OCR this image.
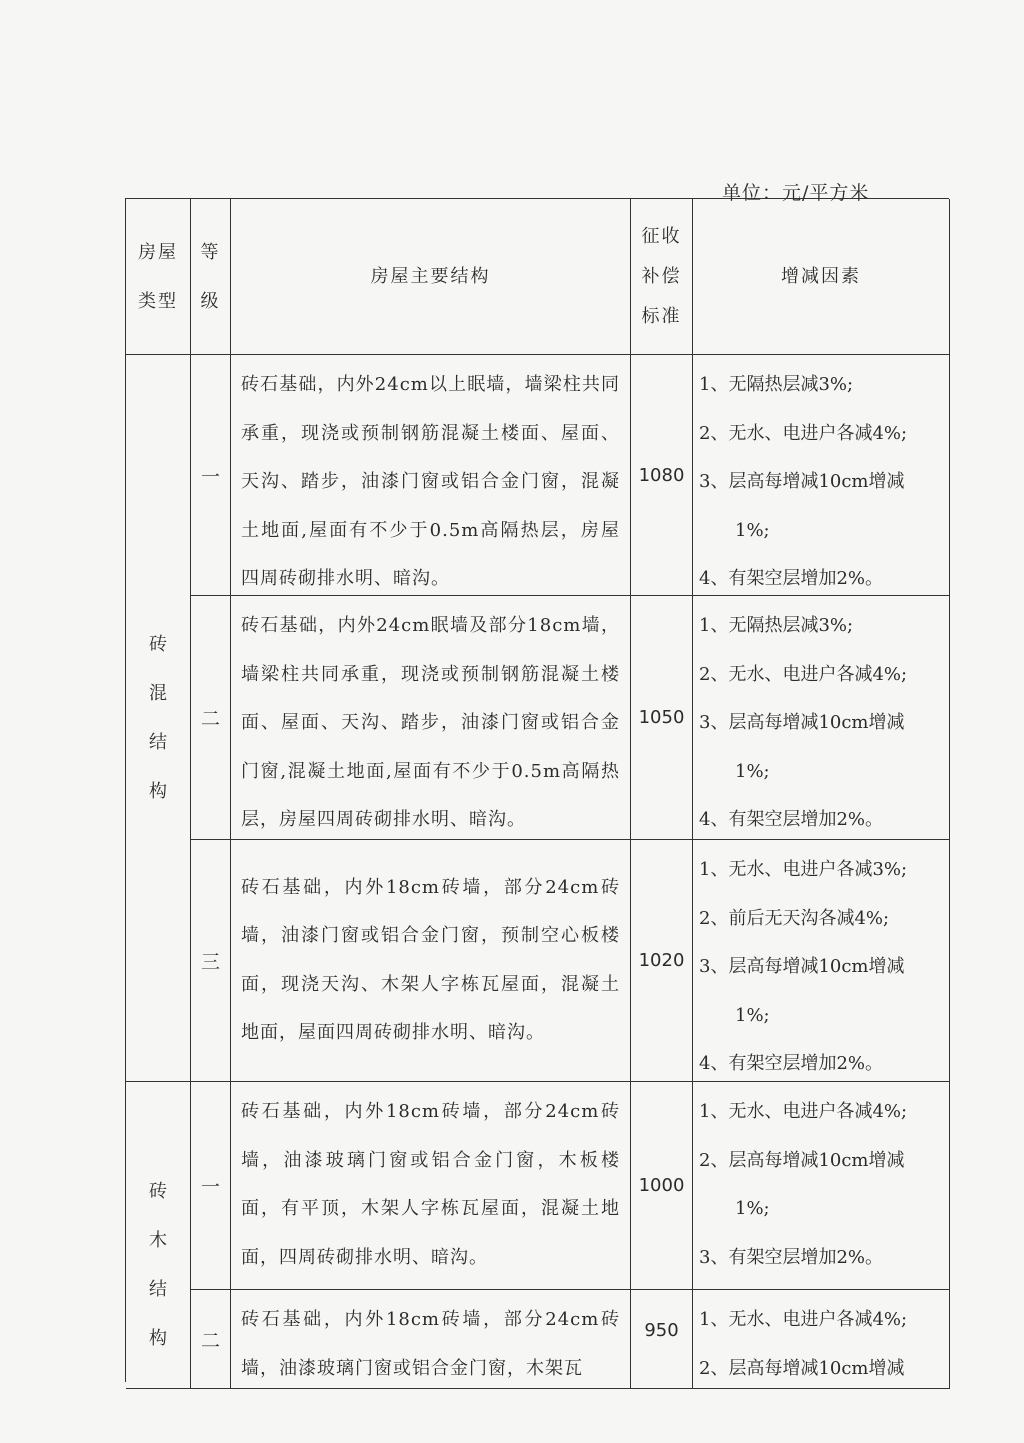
单位：元/平方米
房屋
类型
等
级
房屋主要结构
征收
补偿
标准
增减因素
砖
混
结
构
一
砖石基础，内外24cm以上眠墙，墙梁柱共同承重，现浇或预制钢筋混凝土楼面、屋面、天沟、踏步，油漆门窗或铝合金门窗，混凝土地面,屋面有不少于0.5m高隔热层，房屋四周砖砌排水明、暗沟。
1080
1、无隔热层减3%;
2、无水、电进户各减4%;
3、层高每增减10cm增减
1%;
4、有架空层增加2%。
二
砖石基础，内外24cm眠墙及部分18cm墙，墙梁柱共同承重，现浇或预制钢筋混凝土楼面、屋面、天沟、踏步，油漆门窗或铝合金门窗,混凝土地面,屋面有不少于0.5m高隔热层，房屋四周砖砌排水明、暗沟。
1050
1、无隔热层减3%;
2、无水、电进户各减4%;
3、层高每增减10cm增减
1%;
4、有架空层增加2%。
三
砖石基础，内外18cm砖墙，部分24cm砖墙，油漆门窗或铝合金门窗，预制空心板楼面，现浇天沟、木架人字栋瓦屋面，混凝土地面，屋面四周砖砌排水明、暗沟。
1020
1、无水、电进户各减3%;
2、前后无天沟各减4%;
3、层高每增减10cm增减
1%;
4、有架空层增加2%。
砖
木
结
构
一
砖石基础，内外18cm砖墙，部分24cm砖墙，油漆玻璃门窗或铝合金门窗，木板楼面，有平顶，木架人字栋瓦屋面，混凝土地面，四周砖砌排水明、暗沟。
1000
1、无水、电进户各减4%;
2、层高每增减10cm增减
1%;
3、有架空层增加2%。
二
砖石基础，内外18cm砖墙，部分24cm砖墙，油漆玻璃门窗或铝合金门窗，木架瓦
950
1、无水、电进户各减4%;
2、层高每增减10cm增减
